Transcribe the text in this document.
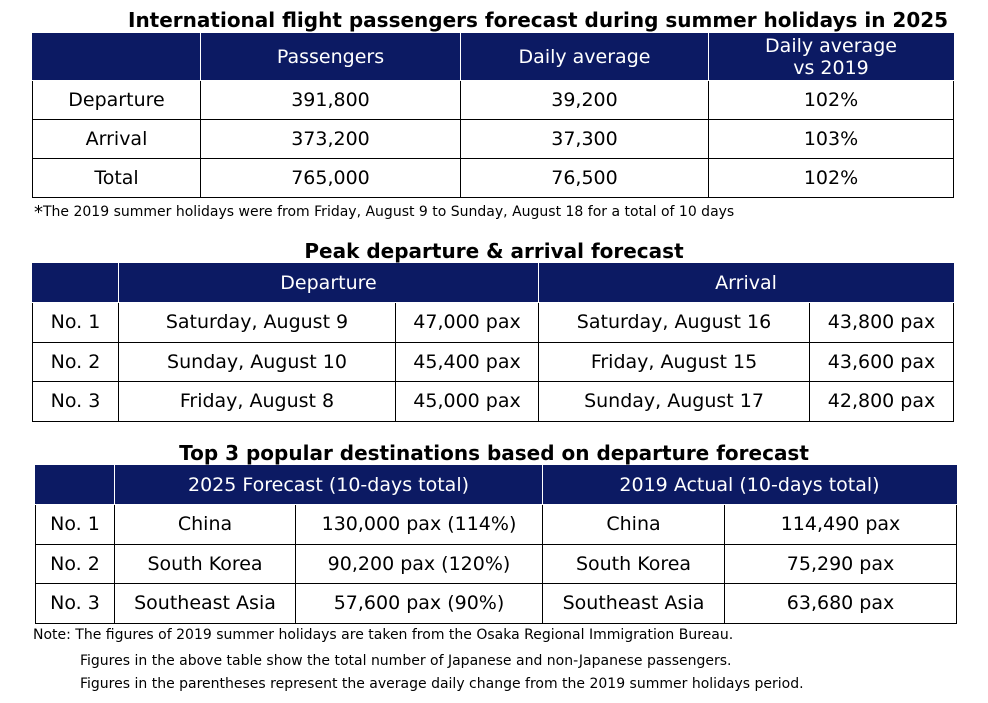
International flight passengers forecast during summer holidays in 2025
	Passengers	Daily average	Daily average
vs 2019

Departure	391,800	39,200	102%
Arrival	373,200	37,300	103%
Total	765,000	76,500	102%
*The 2019 summer holidays were from Friday, August 9 to Sunday, August 18 for a total of 10 days
Peak departure & arrival forecast
	Departure		Arrival	
No. 1	Saturday, August 9	47,000 pax	Saturday, August 16	43,800 pax
No. 2	Sunday, August 10	45,400 pax	Friday, August 15	43,600 pax
No. 3	Friday, August 8	45,000 pax	Sunday, August 17	42,800 pax
Top 3 popular destinations based on departure forecast
	2025 Forecast (10-days total)		2019 Actual (10-days total)	
No. 1	China	130,000 pax (114%)	China	114,490 pax
No. 2	South Korea	90,200 pax (120%)	South Korea	75,290 pax
No. 3	Southeast Asia	57,600 pax (90%)	Southeast Asia	63,680 pax
Note: The figures of 2019 summer holidays are taken from the Osaka Regional Immigration Bureau.
Figures in the above table show the total number of Japanese and non-Japanese passengers.
Figures in the parentheses represent the average daily change from the 2019 summer holidays period.
